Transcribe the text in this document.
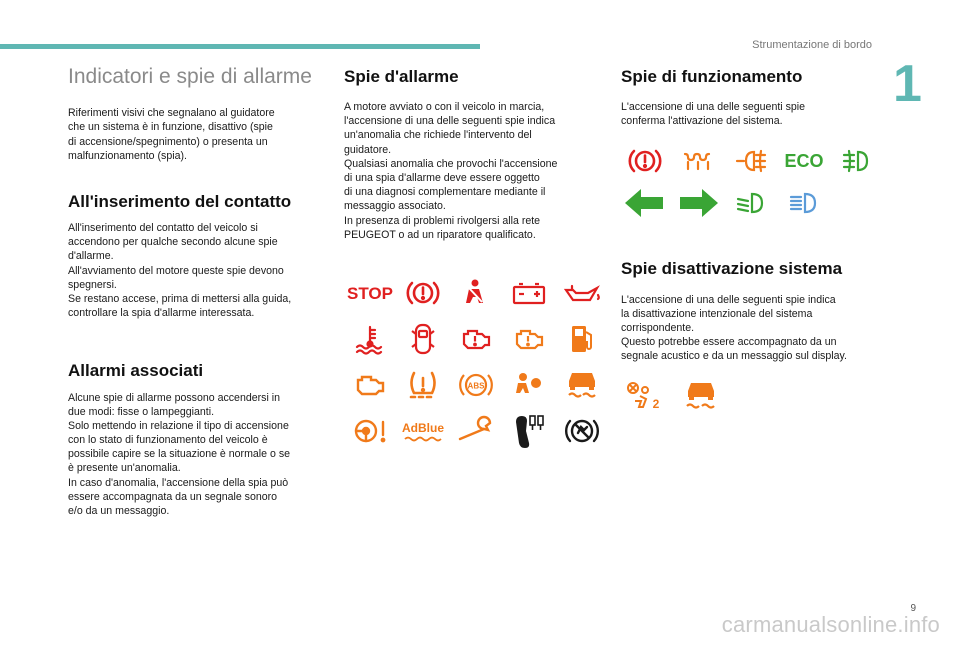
Strumentazione di bordo
1
Indicatori e spie di allarme

Riferimenti visivi che segnalano al guidatore
che un sistema è in funzione, disattivo (spie
di accensione/spegnimento) o presenta un
malfunzionamento (spia).

All'inserimento del contatto

All'inserimento del contatto del veicolo si
accendono per qualche secondo alcune spie
d'allarme.
All'avviamento del motore queste spie devono
spegnersi.
Se restano accese, prima di mettersi alla guida,
controllare la spia d'allarme interessata.

Allarmi associati

Alcune spie di allarme possono accendersi in
due modi: fisse o lampeggianti.
Solo mettendo in relazione il tipo di accensione
con lo stato di funzionamento del veicolo è
possibile capire se la situazione è normale o se
è presente un'anomalia.
In caso d'anomalia, l'accensione della spia può
essere accompagnata da un segnale sonoro
e/o da un messaggio.

Spie d'allarme

A motore avviato o con il veicolo in marcia,
l'accensione di una delle seguenti spie indica
un'anomalia che richiede l'intervento del
guidatore.
Qualsiasi anomalia che provochi l'accensione
di una spia d'allarme deve essere oggetto
di una diagnosi complementare mediante il
messaggio associato.
In presenza di problemi rivolgersi alla rete
PEUGEOT o ad un riparatore qualificato.

STOP
ABS
AdBlue
Spie di funzionamento

L'accensione di una delle seguenti spie
conferma l'attivazione del sistema.

Spie disattivazione sistema

L'accensione di una delle seguenti spie indica
la disattivazione intenzionale del sistema
corrispondente.
Questo potrebbe essere accompagnato da un
segnale acustico e da un messaggio sul display.

ECO
2
9
carmanualsonline.info
